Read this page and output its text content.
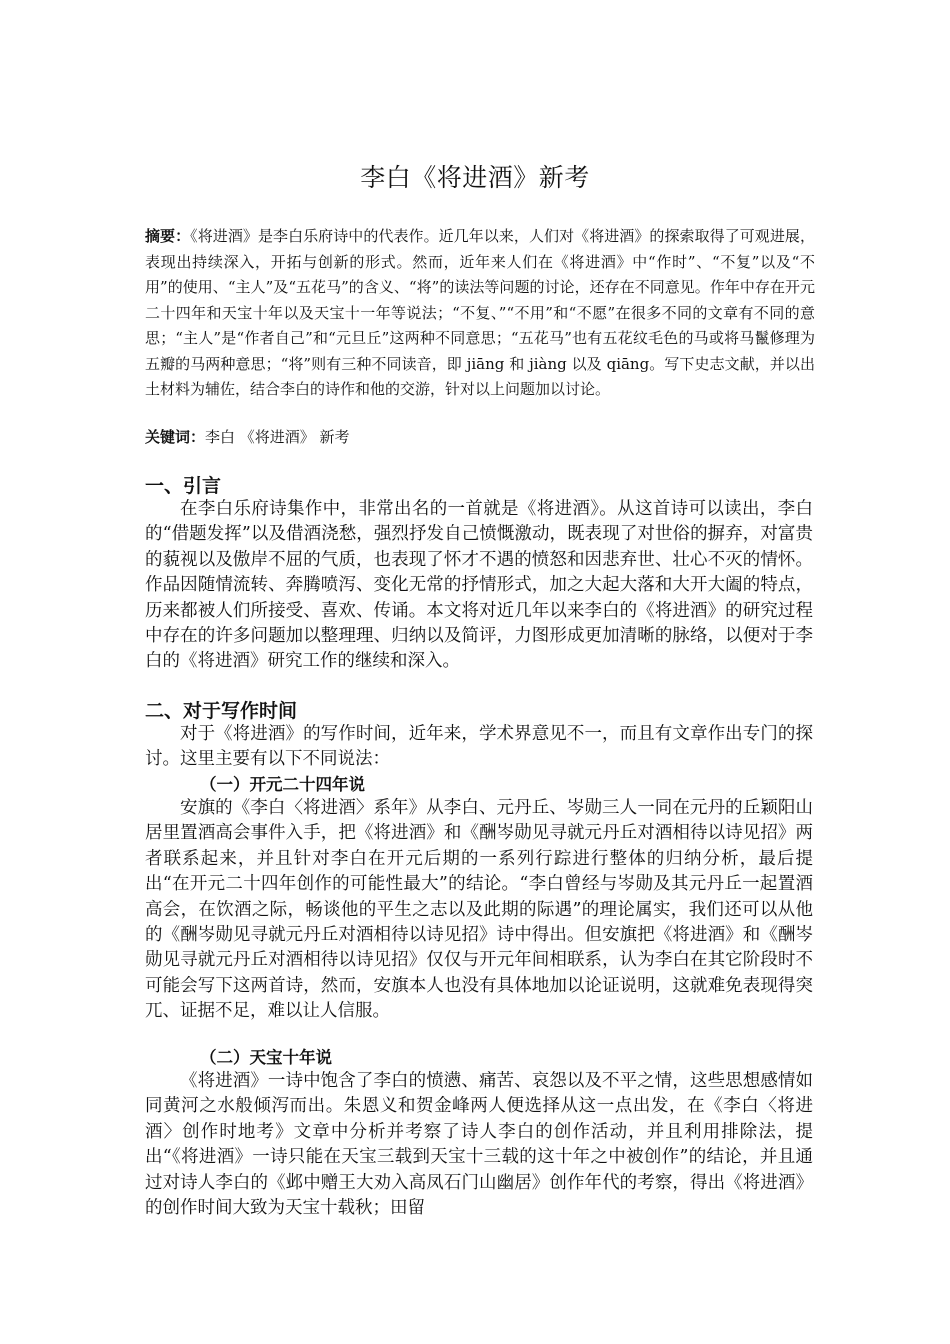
李白《将进酒》新考
摘要：《将进酒》是李白乐府诗中的代表作。近几年以来，人们对《将进酒》的探索取得了可观进展，表现出持续深入，开拓与创新的形式。然而，近年来人们在《将进酒》中“作时”、“不复”以及“不用”的使用、“主人”及“五花马”的含义、“将”的读法等问题的讨论，还存在不同意见。作年中存在开元二十四年和天宝十年以及天宝十一年等说法；“不复、”“不用”和“不愿”在很多不同的文章有不同的意思；“主人”是“作者自己”和“元旦丘”这两种不同意思；“五花马”也有五花纹毛色的马或将马鬣修理为五瓣的马两种意思；“将”则有三种不同读音，即 jiāng 和 jiàng 以及 qiāng。写下史志文献，并以出土材料为辅佐，结合李白的诗作和他的交游，针对以上问题加以讨论。
关键词：李白 《将进酒》 新考
一、引言
在李白乐府诗集作中，非常出名的一首就是《将进酒》。从这首诗可以读出，李白的“借题发挥”以及借酒浇愁，强烈抒发自己愤慨激动，既表现了对世俗的摒弃，对富贵的藐视以及傲岸不屈的气质，也表现了怀才不遇的愤怒和因悲弃世、壮心不灭的情怀。作品因随情流转、奔腾喷泻、变化无常的抒情形式，加之大起大落和大开大阖的特点，历来都被人们所接受、喜欢、传诵。本文将对近几年以来李白的《将进酒》的研究过程中存在的许多问题加以整理理、归纳以及简评，力图形成更加清晰的脉络，以便对于李白的《将进酒》研究工作的继续和深入。
二、对于写作时间
对于《将进酒》的写作时间，近年来，学术界意见不一，而且有文章作出专门的探讨。这里主要有以下不同说法：
（一）开元二十四年说
安旗的《李白〈将进酒〉系年》从李白、元丹丘、岑勋三人一同在元丹的丘颖阳山居里置酒高会事件入手，把《将进酒》和《酬岑勋见寻就元丹丘对酒相待以诗见招》两者联系起来，并且针对李白在开元后期的一系列行踪进行整体的归纳分析，最后提出“在开元二十四年创作的可能性最大”的结论。“李白曾经与岑勋及其元丹丘一起置酒高会，在饮酒之际，畅谈他的平生之志以及此期的际遇”的理论属实，我们还可以从他的《酬岑勋见寻就元丹丘对酒相待以诗见招》诗中得出。但安旗把《将进酒》和《酬岑勋见寻就元丹丘对酒相待以诗见招》仅仅与开元年间相联系，认为李白在其它阶段时不可能会写下这两首诗，然而，安旗本人也没有具体地加以论证说明，这就难免表现得突兀、证据不足，难以让人信服。
（二）天宝十年说
《将进酒》一诗中饱含了李白的愤懑、痛苦、哀怨以及不平之情，这些思想感情如同黄河之水般倾泻而出。朱恩义和贺金峰两人便选择从这一点出发，在《李白〈将进酒〉创作时地考》文章中分析并考察了诗人李白的创作活动，并且利用排除法，提出“《将进酒》一诗只能在天宝三载到天宝十三载的这十年之中被创作”的结论，并且通过对诗人李白的《邺中赠王大劝入高凤石门山幽居》创作年代的考察，得出《将进酒》的创作时间大致为天宝十载秋；田留
